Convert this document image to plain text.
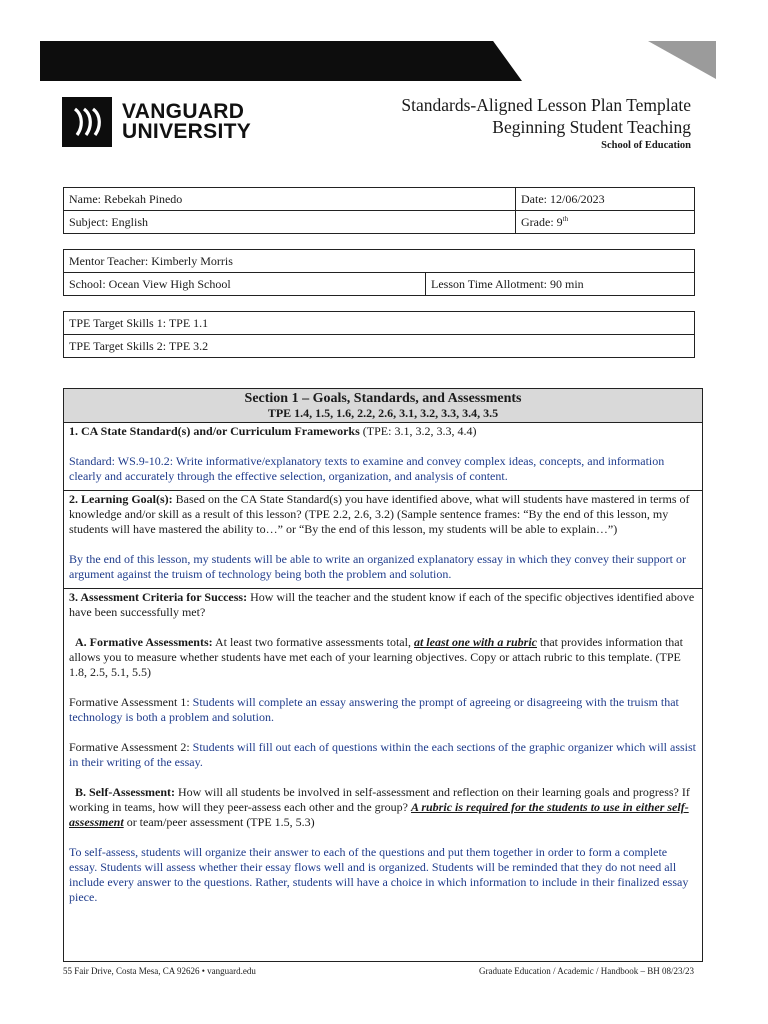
VANGUARD
UNIVERSITY
Standards-Aligned Lesson Plan Template
Beginning Student Teaching
School of Education
Name: Rebekah Pinedo	Date: 12/06/2023
Subject: English	Grade: 9th
Mentor Teacher: Kimberly Morris
School: Ocean View High School	Lesson Time Allotment: 90 min
TPE Target Skills 1: TPE 1.1
TPE Target Skills 2: TPE 3.2
Section 1 – Goals, Standards, and Assessments
TPE 1.4, 1.5, 1.6, 2.2, 2.6, 3.1, 3.2, 3.3, 3.4, 3.5

1. CA State Standard(s) and/or Curriculum Frameworks (TPE: 3.1, 3.2, 3.3, 4.4)

Standard: WS.9-10.2: Write informative/explanatory texts to examine and convey complex ideas, concepts, and information clearly and accurately through the effective selection, organization, and analysis of content.

2. Learning Goal(s): Based on the CA State Standard(s) you have identified above, what will students have mastered in terms of knowledge and/or skill as a result of this lesson? (TPE 2.2, 2.6, 3.2) (Sample sentence frames: “By the end of this lesson, my students will have mastered the ability to…” or “By the end of this lesson, my students will be able to explain…”)

By the end of this lesson, my students will be able to write an organized explanatory essay in which they convey their support or argument against the truism of technology being both the problem and solution.

3. Assessment Criteria for Success: How will the teacher and the student know if each of the specific objectives identified above have been successfully met?

A. Formative Assessments: At least two formative assessments total, at least one with a rubric that provides information that allows you to measure whether students have met each of your learning objectives. Copy or attach rubric to this template. (TPE 1.8, 2.5, 5.1, 5.5)

Formative Assessment 1: Students will complete an essay answering the prompt of agreeing or disagreeing with the truism that technology is both a problem and solution.

Formative Assessment 2: Students will fill out each of questions within the each sections of the graphic organizer which will assist in their writing of the essay.

B. Self-Assessment: How will all students be involved in self-assessment and reflection on their learning goals and progress? If working in teams, how will they peer-assess each other and the group? A rubric is required for the students to use in either self-assessment or team/peer assessment (TPE 1.5, 5.3)

To self-assess, students will organize their answer to each of the questions and put them together in order to form a complete essay. Students will assess whether their essay flows well and is organized. Students will be reminded that they do not need all include every answer to the questions. Rather, students will have a choice in which information to include in their finalized essay piece.

55 Fair Drive, Costa Mesa, CA 92626 • vanguard.edu	Graduate Education / Academic / Handbook – BH 08/23/23
